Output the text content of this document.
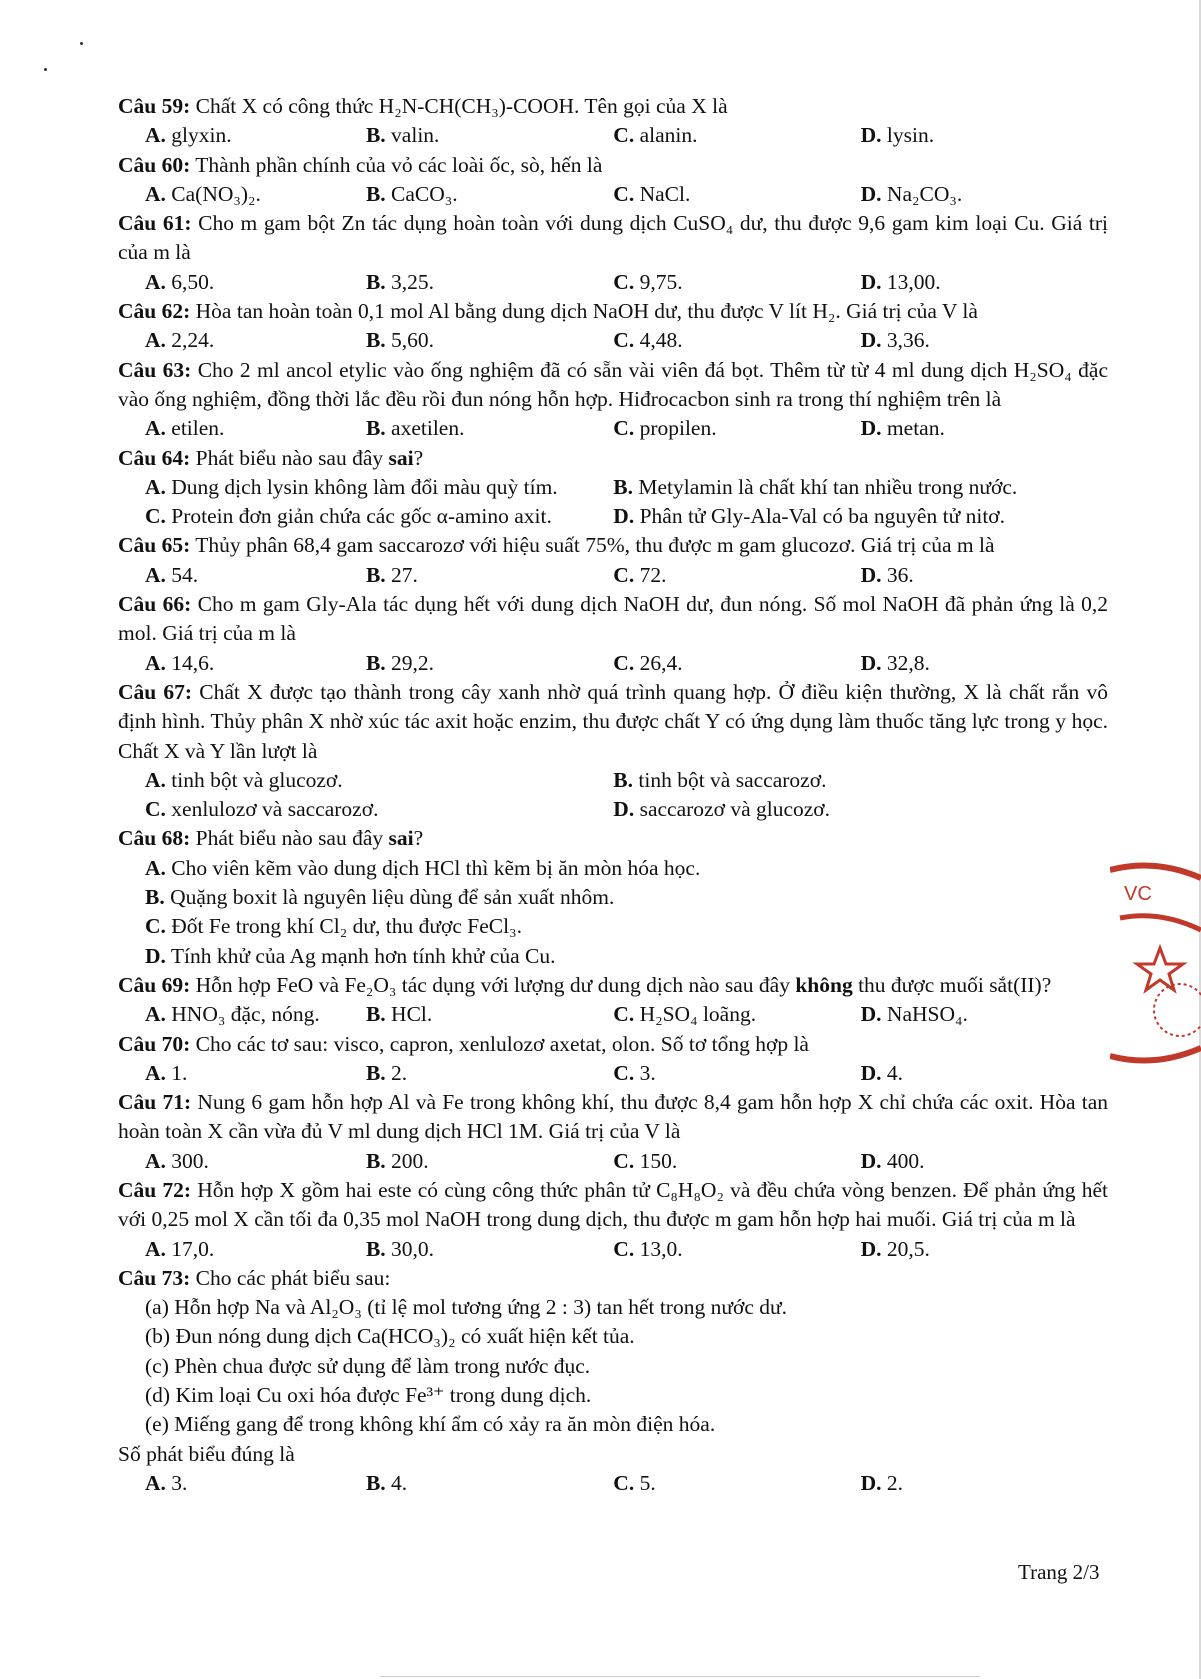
Câu 59: Chất X có công thức H₂N-CH(CH₃)-COOH. Tên gọi của X là

A. glyxin.	B. valin.	C. alanin.	D. lysin.

Câu 60: Thành phần chính của vỏ các loài ốc, sò, hến là

A. Ca(NO₃)₂.	B. CaCO₃.	C. NaCl.	D. Na₂CO₃.

Câu 61: Cho m gam bột Zn tác dụng hoàn toàn với dung dịch CuSO₄ dư, thu được 9,6 gam kim loại Cu. Giá trị của m là

A. 6,50.	B. 3,25.	C. 9,75.	D. 13,00.

Câu 62: Hòa tan hoàn toàn 0,1 mol Al bằng dung dịch NaOH dư, thu được V lít H₂. Giá trị của V là

A. 2,24.	B. 5,60.	C. 4,48.	D. 3,36.

Câu 63: Cho 2 ml ancol etylic vào ống nghiệm đã có sẵn vài viên đá bọt. Thêm từ từ 4 ml dung dịch H₂SO₄ đặc vào ống nghiệm, đồng thời lắc đều rồi đun nóng hỗn hợp. Hiđrocacbon sinh ra trong thí nghiệm trên là

A. etilen.	B. axetilen.	C. propilen.	D. metan.

Câu 64: Phát biểu nào sau đây sai?

A. Dung dịch lysin không làm đổi màu quỳ tím.	B. Metylamin là chất khí tan nhiều trong nước.
C. Protein đơn giản chứa các gốc α-amino axit.	D. Phân tử Gly-Ala-Val có ba nguyên tử nitơ.

Câu 65: Thủy phân 68,4 gam saccarozơ với hiệu suất 75%, thu được m gam glucozơ. Giá trị của m là

A. 54.	B. 27.	C. 72.	D. 36.

Câu 66: Cho m gam Gly-Ala tác dụng hết với dung dịch NaOH dư, đun nóng. Số mol NaOH đã phản ứng là 0,2 mol. Giá trị của m là

A. 14,6.	B. 29,2.	C. 26,4.	D. 32,8.

Câu 67: Chất X được tạo thành trong cây xanh nhờ quá trình quang hợp. Ở điều kiện thường, X là chất rắn vô định hình. Thủy phân X nhờ xúc tác axit hoặc enzim, thu được chất Y có ứng dụng làm thuốc tăng lực trong y học. Chất X và Y lần lượt là

A. tinh bột và glucozơ.	B. tinh bột và saccarozơ.
C. xenlulozơ và saccarozơ.	D. saccarozơ và glucozơ.

Câu 68: Phát biểu nào sau đây sai?

A. Cho viên kẽm vào dung dịch HCl thì kẽm bị ăn mòn hóa học.
B. Quặng boxit là nguyên liệu dùng để sản xuất nhôm.
C. Đốt Fe trong khí Cl₂ dư, thu được FeCl₃.
D. Tính khử của Ag mạnh hơn tính khử của Cu.

Câu 69: Hỗn hợp FeO và Fe₂O₃ tác dụng với lượng dư dung dịch nào sau đây không thu được muối sắt(II)?

A. HNO₃ đặc, nóng.	B. HCl.	C. H₂SO₄ loãng.	D. NaHSO₄.

Câu 70: Cho các tơ sau: visco, capron, xenlulozơ axetat, olon. Số tơ tổng hợp là

A. 1.	B. 2.	C. 3.	D. 4.

Câu 71: Nung 6 gam hỗn hợp Al và Fe trong không khí, thu được 8,4 gam hỗn hợp X chỉ chứa các oxit. Hòa tan hoàn toàn X cần vừa đủ V ml dung dịch HCl 1M. Giá trị của V là

A. 300.	B. 200.	C. 150.	D. 400.

Câu 72: Hỗn hợp X gồm hai este có cùng công thức phân tử C₈H₈O₂ và đều chứa vòng benzen. Để phản ứng hết với 0,25 mol X cần tối đa 0,35 mol NaOH trong dung dịch, thu được m gam hỗn hợp hai muối. Giá trị của m là

A. 17,0.	B. 30,0.	C. 13,0.	D. 20,5.

Câu 73: Cho các phát biểu sau:

(a) Hỗn hợp Na và Al₂O₃ (tỉ lệ mol tương ứng 2 : 3) tan hết trong nước dư.

(b) Đun nóng dung dịch Ca(HCO₃)₂ có xuất hiện kết tủa.

(c) Phèn chua được sử dụng để làm trong nước đục.

(d) Kim loại Cu oxi hóa được Fe³⁺ trong dung dịch.

(e) Miếng gang để trong không khí ẩm có xảy ra ăn mòn điện hóa.

Số phát biểu đúng là

A. 3.	B. 4.	C. 5.	D. 2.
VC
Trang 2/3
